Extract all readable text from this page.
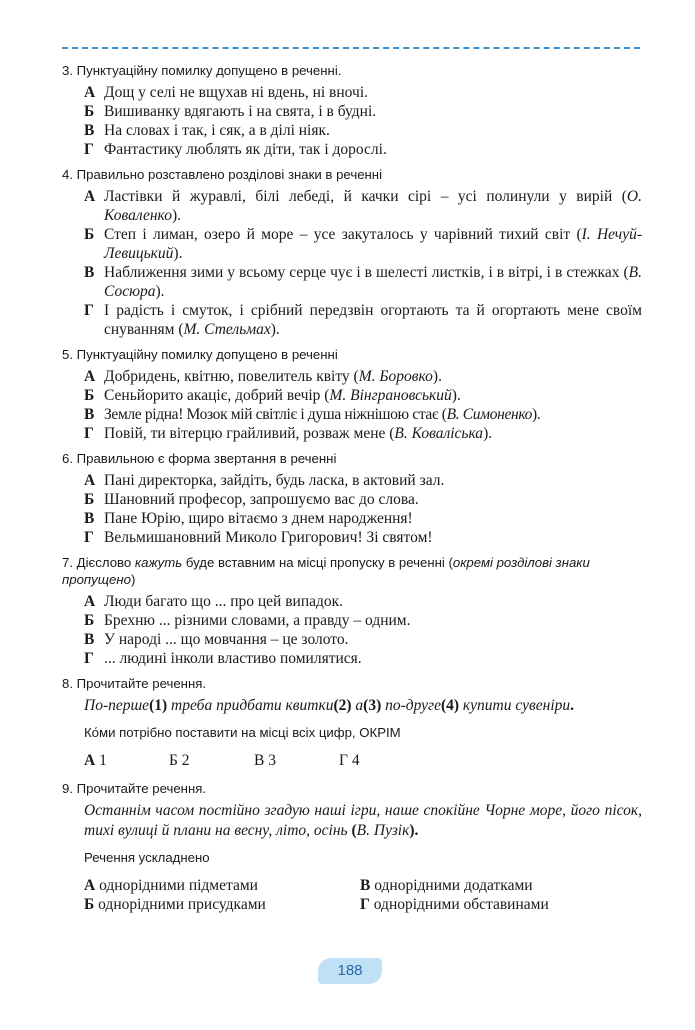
3. Пунктуаційну помилку допущено в реченні.
А Дощ у селі не вщухав ні вдень, ні вночі.
Б Вишиванку вдягають і на свята, і в будні.
В На словах і так, і сяк, а в ділі ніяк.
Г Фантастику люблять як діти, так і дорослі.
4. Правильно розставлено розділові знаки в реченні
А Ластівки й журавлі, білі лебеді, й качки сірі – усі полинули у вирій (О. Коваленко).
Б Степ і лиман, озеро й море – усе закуталось у чарівний тихий світ (І. Нечуй-Левицький).
В Наближення зими у всьому серце чує і в шелесті листків, і в вітрі, і в стежках (В. Сосюра).
Г І радість і смуток, і срібний передзвін огортають та й огортають мене своїм снуванням (М. Стельмах).
5. Пунктуаційну помилку допущено в реченні
А Добридень, квітню, повелитель квіту (М. Боровко).
Б Сеньйорито акаціє, добрий вечір (М. Вінграновський).
В Земле рідна! Мозок мій світліє і душа ніжнішою стає (В. Симоненко).
Г Повій, ти вітерцю грайливий, розваж мене (В. Коваліська).
6. Правильною є форма звертання в реченні
А Пані директорка, зайдіть, будь ласка, в актовий зал.
Б Шановний професор, запрошуємо вас до слова.
В Пане Юрію, щиро вітаємо з днем народження!
Г Вельмишановний Миколо Григорович! Зі святом!
7. Дієслово кажуть буде вставним на місці пропуску в реченні (окремі розділові знаки пропущено)
А Люди багато що ... про цей випадок.
Б Брехню ... різними словами, а правду – одним.
В У народі ... що мовчання – це золото.
Г ... людині інколи властиво помилятися.
8. Прочитайте речення.
По-перше(1) треба придбати квитки(2) а(3) по-друге(4) купити сувеніри.
Ко́ми потрібно поставити на місці всіх цифр, ОКРІМ
А 1	Б 2	В 3	Г 4
9. Прочитайте речення.
Останнім часом постійно згадую наші ігри, наше спокійне Чорне море, його пісок, тихі вулиці й плани на весну, літо, осінь (В. Пузік).
Речення ускладнено
А однорідними підметами	В однорідними додатками
Б однорідними присудками	Г однорідними обставинами
188
